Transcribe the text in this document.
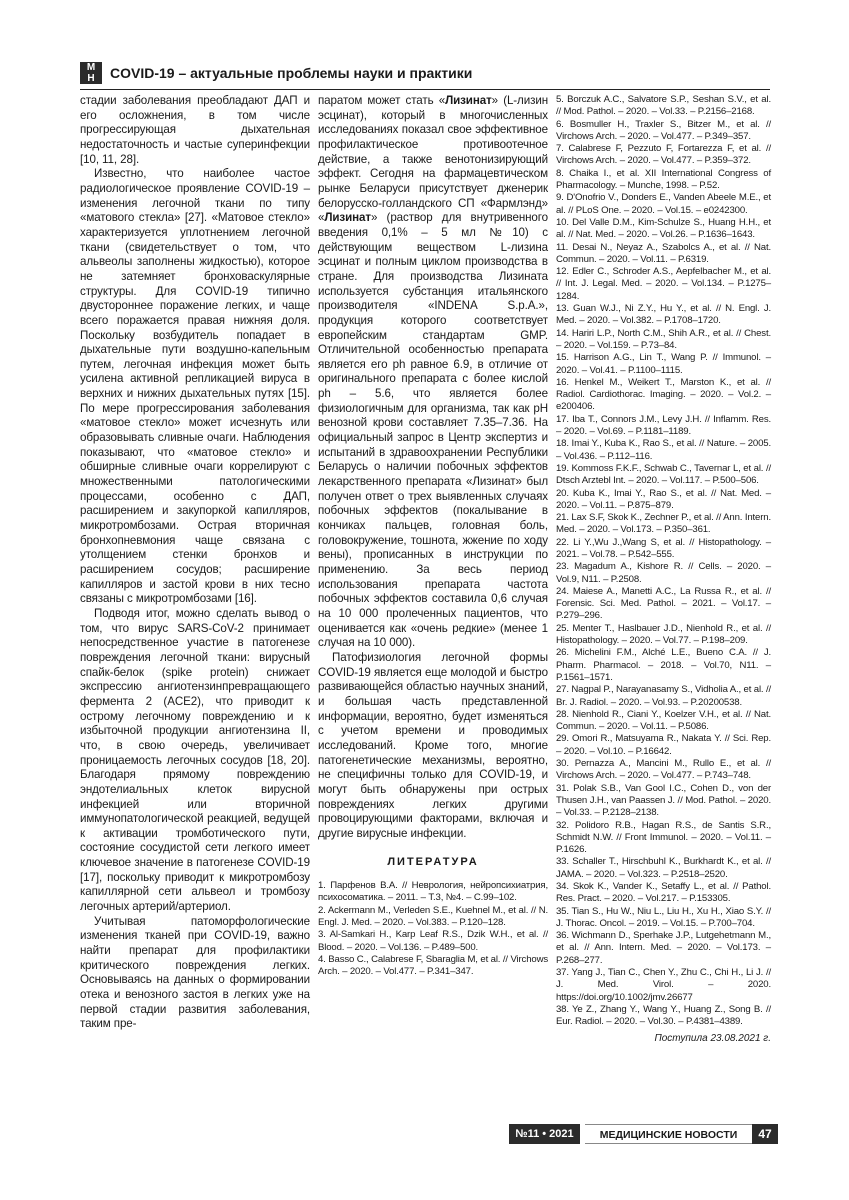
М
Н	COVID-19 – актуальные проблемы науки и практики

стадии заболевания преобладают ДАП и его осложнения, в том числе прогрессирующая дыхательная недостаточность и частые суперинфекции [10, 11, 28].

Известно, что наиболее частое радиологическое проявление COVID-19 – изменения легочной ткани по типу «матового стекла» [27]. «Матовое стекло» характеризуется уплотнением легочной ткани (свидетельствует о том, что альвеолы заполнены жидкостью), которое не затемняет бронховаскулярные структуры. Для COVID-19 типично двустороннее поражение легких, и чаще всего поражается правая нижняя доля. Поскольку возбудитель попадает в дыхательные пути воздушно-капельным путем, легочная инфекция может быть усилена активной репликацией вируса в верхних и нижних дыхательных путях [15]. По мере прогрессирования заболевания «матовое стекло» может исчезнуть или образовывать сливные очаги. Наблюдения показывают, что «матовое стекло» и обширные сливные очаги коррелируют с множественными патологическими процессами, особенно с ДАП, расширением и закупоркой капилляров, микротромбозами. Острая вторичная бронхопневмония чаще связана с утолщением стенки бронхов и расширением сосудов; расширение капилляров и застой крови в них тесно связаны с микротромбозами [16].

Подводя итог, можно сделать вывод о том, что вирус SARS-CoV-2 принимает непосредственное участие в патогенезе повреждения легочной ткани: вирусный спайк-белок (spike protein) снижает экспрессию ангиотензинпревращающего фермента 2 (ACE2), что приводит к острому легочному повреждению и к избыточной продукции ангиотензина II, что, в свою очередь, увеличивает проницаемость легочных сосудов [18, 20]. Благодаря прямому повреждению эндотелиальных клеток вирусной инфекцией или вторичной иммунопатологической реакцией, ведущей к активации тромботического пути, состояние сосудистой сети легкого имеет ключевое значение в патогенезе COVID-19 [17], поскольку приводит к микротромбозу капиллярной сети альвеол и тромбозу легочных артерий/артериол.

Учитывая патоморфологические изменения тканей при COVID-19, важно найти препарат для профилактики критического повреждения легких. Основываясь на данных о формировании отека и венозного застоя в легких уже на первой стадии развития заболевания, таким пре-

паратом может стать «Лизинат» (L-лизин эсцинат), который в многочисленных исследованиях показал свое эффективное профилактическое противоотечное действие, а также венотонизирующий эффект. Сегодня на фармацевтическом рынке Беларуси присутствует дженерик белорусско-голландского СП «Фармлэнд» «Лизинат» (раствор для внутривенного введения 0,1% – 5 мл №10) с действующим веществом L-лизина эсцинат и полным циклом производства в стране. Для производства Лизината используется субстанция итальянского производителя «INDENA S.p.A.», продукция которого соответствует европейским стандартам GMP. Отличительной особенностью препарата является его ph равное 6.9, в отличие от оригинального препарата с более кислой ph – 5.6, что является более физиологичным для организма, так как pH венозной крови составляет 7.35–7.36. На официальный запрос в Центр экспертиз и испытаний в здравоохранении Республики Беларусь о наличии побочных эффектов лекарственного препарата «Лизинат» был получен ответ о трех выявленных случаях побочных эффектов (покалывание в кончиках пальцев, головная боль, головокружение, тошнота, жжение по ходу вены), прописанных в инструкции по применению. За весь период использования препарата частота побочных эффектов составила 0,6 случая на 10 000 пролеченных пациентов, что оценивается как «очень редкие» (менее 1 случая на 10 000).

Патофизиология легочной формы COVID-19 является еще молодой и быстро развивающейся областью научных знаний, и большая часть представленной информации, вероятно, будет изменяться с учетом времени и проводимых исследований. Кроме того, многие патогенетические механизмы, вероятно, не специфичны только для COVID-19, и могут быть обнаружены при острых повреждениях легких другими провоцирующими факторами, включая и другие вирусные инфекции.

ЛИТЕРАТУРА

1. Парфенов В.А. // Неврология, нейропсихиатрия, психосоматика. – 2011. – Т.3, №4. – С.99–102.

2. Ackermann M., Verleden S.E., Kuehnel M., et al. // N. Engl. J. Med. – 2020. – Vol.383. – P.120–128.

3. Al-Samkari H., Karp Leaf R.S., Dzik W.H., et al. // Blood. – 2020. – Vol.136. – P.489–500.

4. Basso C., Calabrese F, Sbaraglia M, et al. // Virchows Arch. – 2020. – Vol.477. – P.341–347.

5. Borczuk A.C., Salvatore S.P., Seshan S.V., et al. // Mod. Pathol. – 2020. – Vol.33. – P.2156–2168.

6. Bosmuller H., Traxler S., Bitzer M., et al. // Virchows Arch. – 2020. – Vol.477. – P.349–357.

7. Calabrese F, Pezzuto F, Fortarezza F, et al. // Virchows Arch. – 2020. – Vol.477. – P.359–372.

8. Chaika I., et al. XII International Congress of Pharmacology. – Munche, 1998. – P.52.

9. D'Onofrio V., Donders E., Vanden Abeele M.E., et al. // PLoS One. – 2020. – Vol.15. – e0242300.

10. Del Valle D.M., Kim-Schulze S., Huang H.H., et al. // Nat. Med. – 2020. – Vol.26. – P.1636–1643.

11. Desai N., Neyaz A., Szabolcs A., et al. // Nat. Commun. – 2020. – Vol.11. – P.6319.

12. Edler C., Schroder A.S., Aepfelbacher M., et al. // Int. J. Legal. Med. – 2020. – Vol.134. – P.1275–1284.

13. Guan W.J., Ni Z.Y., Hu Y., et al. // N. Engl. J. Med. – 2020. – Vol.382. – P.1708–1720.

14. Hariri L.P., North C.M., Shih A.R., et al. // Chest. – 2020. – Vol.159. – P.73–84.

15. Harrison A.G., Lin T., Wang P. // Immunol. – 2020. – Vol.41. – P.1100–1115.

16. Henkel M., Weikert T., Marston K., et al. // Radiol. Cardiothorac. Imaging. – 2020. – Vol.2. – e200406.

17. Iba T., Connors J.M., Levy J.H. // Inflamm. Res. – 2020. – Vol.69. – P.1181–1189.

18. Imai Y., Kuba K., Rao S., et al. // Nature. – 2005. – Vol.436. – P.112–116.

19. Kommoss F.K.F., Schwab C., Tavernar L, et al. // Dtsch Arztebl Int. – 2020. – Vol.117. – P.500–506.

20. Kuba K., Imai Y., Rao S., et al. // Nat. Med. – 2020. – Vol.11. – P.875–879.

21. Lax S.F, Skok K., Zechner P., et al. // Ann. Intern. Med. – 2020. – Vol.173. – P.350–361.

22. Li Y.,Wu J.,Wang S, et al. // Histopathology. – 2021. – Vol.78. – P.542–555.

23. Magadum A., Kishore R. // Cells. – 2020. – Vol.9, N11. – P.2508.

24. Maiese A., Manetti A.C., La Russa R., et al. // Forensic. Sci. Med. Pathol. – 2021. – Vol.17. – P.279–296.

25. Menter T., Haslbauer J.D., Nienhold R., et al. // Histopathology. – 2020. – Vol.77. – P.198–209.

26. Michelini F.M., Alché L.E., Bueno C.A. // J. Pharm. Pharmacol. – 2018. – Vol.70, N11. – P.1561–1571.

27. Nagpal P., Narayanasamy S., Vidholia A., et al. // Br. J. Radiol. – 2020. – Vol.93. – P.20200538.

28. Nienhold R., Ciani Y., Koelzer V.H., et al. // Nat. Commun. – 2020. – Vol.11. – P.5086.

29. Omori R., Matsuyama R., Nakata Y. // Sci. Rep. – 2020. – Vol.10. – P.16642.

30. Pernazza A., Mancini M., Rullo E., et al. // Virchows Arch. – 2020. – Vol.477. – P.743–748.

31. Polak S.B., Van Gool I.C., Cohen D., von der Thusen J.H., van Paassen J. // Mod. Pathol. – 2020. – Vol.33. – P.2128–2138.

32. Polidoro R.B., Hagan R.S., de Santis S.R., Schmidt N.W. // Front Immunol. – 2020. – Vol.11. – P.1626.

33. Schaller T., Hirschbuhl K., Burkhardt K., et al. // JAMA. – 2020. – Vol.323. – P.2518–2520.

34. Skok K., Vander K., Setaffy L., et al. // Pathol. Res. Pract. – 2020. – Vol.217. – P.153305.

35. Tian S., Hu W., Niu L., Liu H., Xu H., Xiao S.Y. // J. Thorac. Oncol. – 2019. – Vol.15. – P.700–704.

36. Wichmann D., Sperhake J.P., Lutgehetmann M., et al. // Ann. Intern. Med. – 2020. – Vol.173. – P.268–277.

37. Yang J., Tian C., Chen Y., Zhu C., Chi H., Li J. // J. Med. Virol. – 2020. https://doi.org/10.1002/jmv.26677

38. Ye Z., Zhang Y., Wang Y., Huang Z., Song B. // Eur. Radiol. – 2020. – Vol.30. – P.4381–4389.

Поступила 23.08.2021 г.
№11 • 2021	МЕДИЦИНСКИЕ НОВОСТИ	47
